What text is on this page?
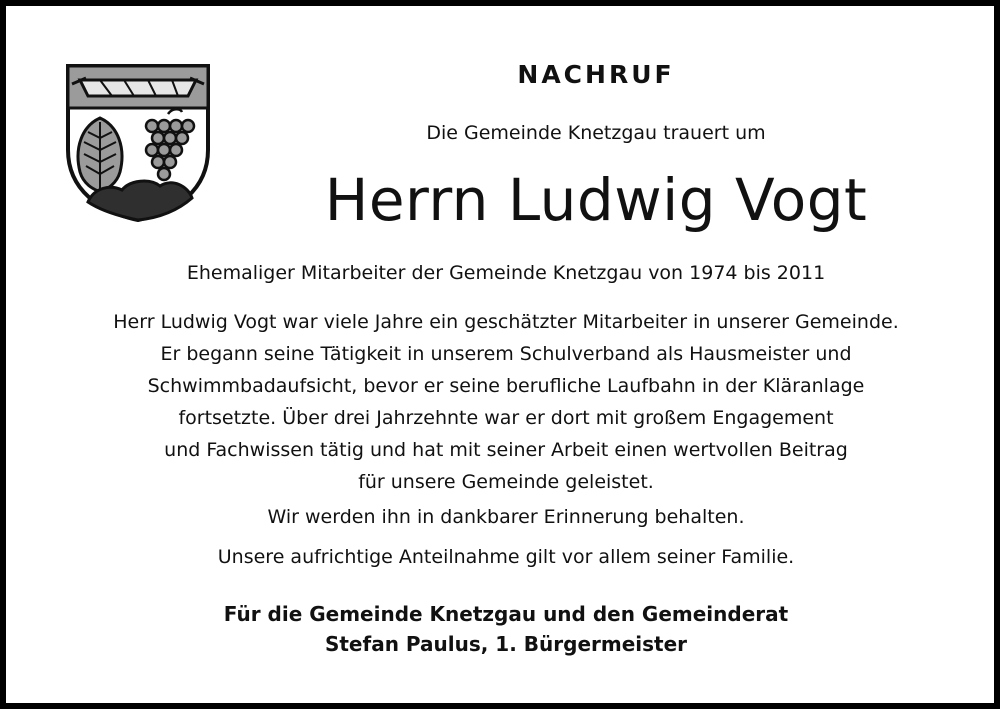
NACHRUF
Die Gemeinde Knetzgau trauert um
Herrn Ludwig Vogt
Ehemaliger Mitarbeiter der Gemeinde Knetzgau von 1974 bis 2011
Herr Ludwig Vogt war viele Jahre ein geschätzter Mitarbeiter in unserer Gemeinde.
Er begann seine Tätigkeit in unserem Schulverband als Hausmeister und
Schwimmbadaufsicht, bevor er seine berufliche Laufbahn in der Kläranlage
fortsetzte. Über drei Jahrzehnte war er dort mit großem Engagement
und Fachwissen tätig und hat mit seiner Arbeit einen wertvollen Beitrag
für unsere Gemeinde geleistet.
Wir werden ihn in dankbarer Erinnerung behalten.
Unsere aufrichtige Anteilnahme gilt vor allem seiner Familie.
Für die Gemeinde Knetzgau und den Gemeinderat
Stefan Paulus, 1. Bürgermeister
